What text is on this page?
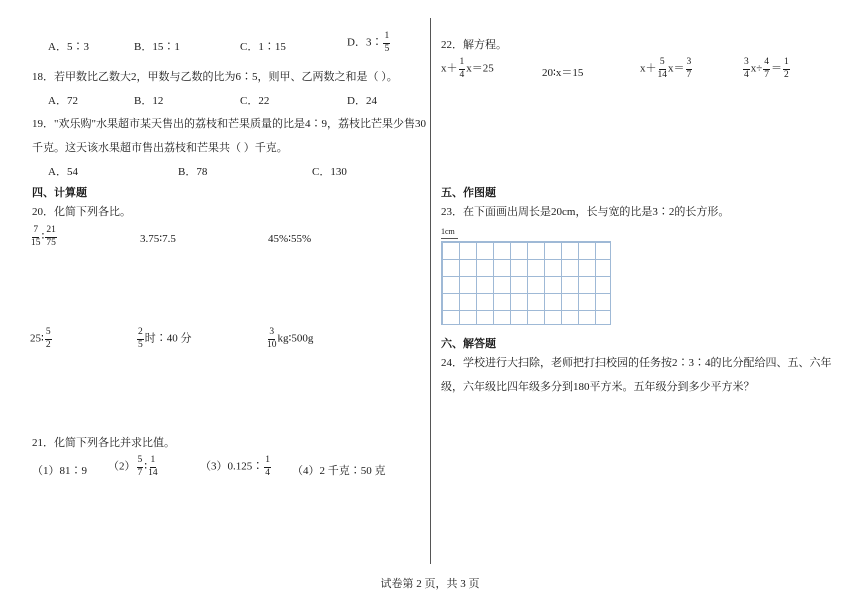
A．5∶3	B．15∶1	C．1∶15	D．3∶ $\frac{1}{5}$
18．若甲数比乙数大2，甲数与乙数的比为6∶5，则甲、乙两数之和是（ ）。
A．72	B．12	C．22	D．24
19．"欢乐购"水果超市某天售出的荔枝和芒果质量的比是4∶9，荔枝比芒果少售30
千克。这天该水果超市售出荔枝和芒果共（ ）千克。
A．54	B．78	C．130
四、计算题
20．化简下列各比。
$\frac{7}{15}$ ∶ $\frac{21}{75}$	3.75∶7.5	45%∶55%
25∶ $\frac{5}{2}$	$\frac{2}{5}$ 时∶40 分	$\frac{3}{10}$ kg∶500g
21．化简下列各比并求比值。
（1）81∶9 $(2) \frac{5}{7}$ ∶ $\frac{1}{14}$	（3）0.125∶ $\frac{1}{4} (4)2$ 千克∶50 克
22．解方程。
$x+ \frac{1}{4} x=25$	20∶x＝15	$x+ \frac{5}{14} x= \frac{3}{7}$	$\frac{3}{4} x\div \frac{4}{7} = \frac{1}{2}$
五、作图题
23．在下面画出周长是20cm，长与宽的比是3∶2的长方形。
1cm
六、解答题
24．学校进行大扫除，老师把打扫校园的任务按2∶3∶4的比分配给四、五、六年
级，六年级比四年级多分到180平方米。五年级分到多少平方米？
试卷第 2 页，共 3 页
